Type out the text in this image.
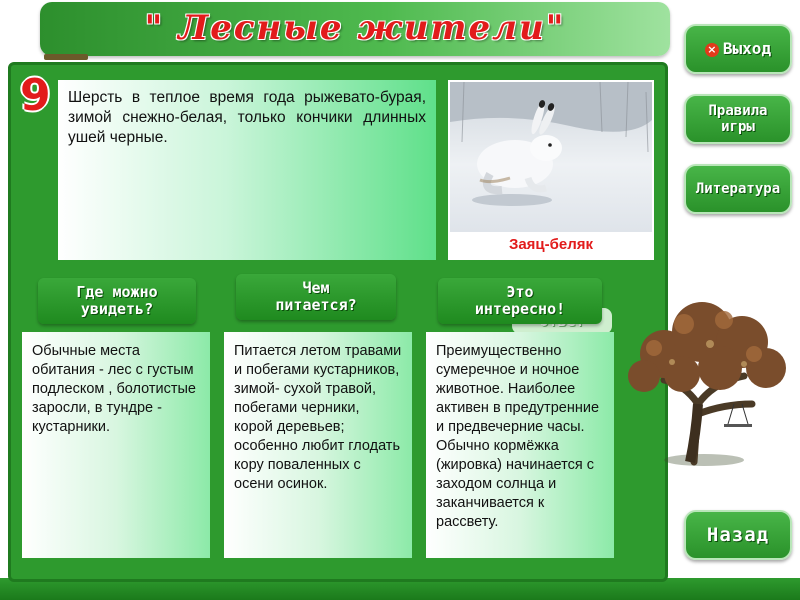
" Лесные жители"
9	Шерсть в теплое время года рыжевато-бурая, зимой снежно-белая, только кончики длинных ушей черные.
Заяц-беляк
Где можно
увидеть?
Чем
питается?
Это
интересно!
Обычные места обитания - лес с густым подлеском , болотистые заросли, в тундре - кустарники.
Питается летом травами и побегами кустарников, зимой- сухой травой, побегами черники, корой деревьев; особенно любит глодать кору поваленных с осени осинок.
Преимущественно сумеречное и ночное животное. Наиболее активен в предутренние и предвечерние часы. Обычно кормёжка (жировка) начинается с заходом солнца и заканчивается к рассвету.
× Выход
Правила
игры
Литература
Назад
